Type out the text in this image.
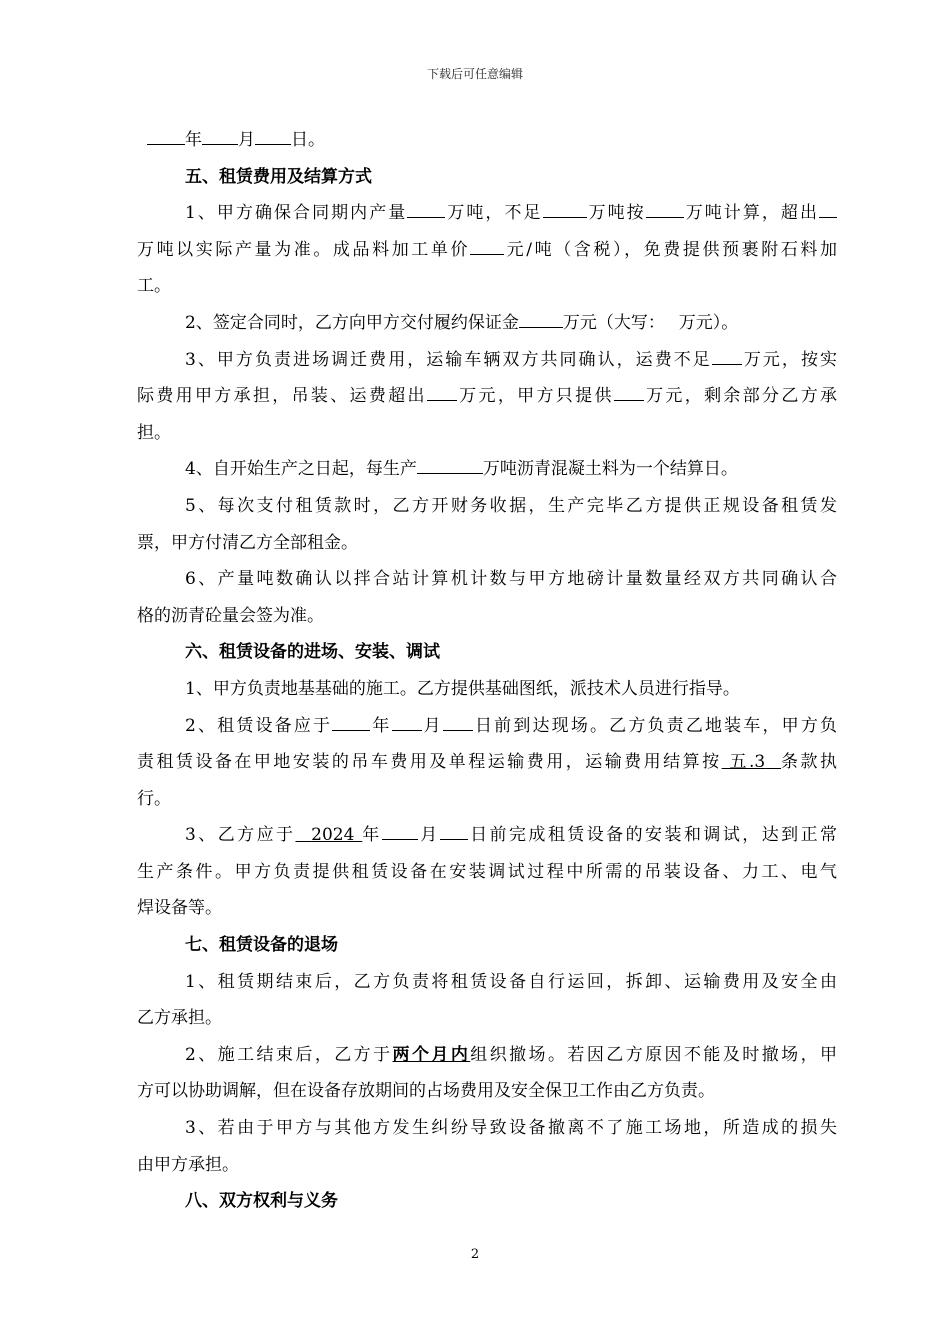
下载后可任意编辑
年 月 日。
五、租赁费用及结算方式
1、甲方确保合同期内产量 万吨，不足	万吨按 万吨计算，超出
万吨以实际产量为准。成品料加工单价 元/吨（含税），免费提供预裹附石料加
工。
2、签定合同时，乙方向甲方交付履约保证金	万元（大写：　 万元）。
3、甲方负责进场调迁费用，运输车辆双方共同确认，运费不足 万元，按实
际费用甲方承担，吊装、运费超出 万元，甲方只提供 万元，剩余部分乙方承
担。
4、自开始生产之日起，每生产	万吨沥青混凝土料为一个结算日。
5、每次支付租赁款时，乙方开财务收据，生产完毕乙方提供正规设备租赁发
票，甲方付清乙方全部租金。
6、产量吨数确认以拌合站计算机计数与甲方地磅计量数量经双方共同确认合
格的沥青砼量会签为准。
六、租赁设备的进场、安装、调试
1、甲方负责地基基础的施工。乙方提供基础图纸，派技术人员进行指导。
2、租赁设备应于 年 月 日前到达现场。乙方负责乙地装车，甲方负
责租赁设备在甲地安装的吊车费用及单程运输费用，运输费用结算按 五.3 条款执
行。
3、乙方应于 2024 年 月 日前完成租赁设备的安装和调试，达到正常
生产条件。甲方负责提供租赁设备在安装调试过程中所需的吊装设备、力工、电气
焊设备等。
七、租赁设备的退场
1、租赁期结束后，乙方负责将租赁设备自行运回，拆卸、运输费用及安全由
乙方承担。
2、施工结束后，乙方于两个月内组织撤场。若因乙方原因不能及时撤场，甲
方可以协助调解，但在设备存放期间的占场费用及安全保卫工作由乙方负责。
3、若由于甲方与其他方发生纠纷导致设备撤离不了施工场地，所造成的损失
由甲方承担。
八、双方权利与义务
2
